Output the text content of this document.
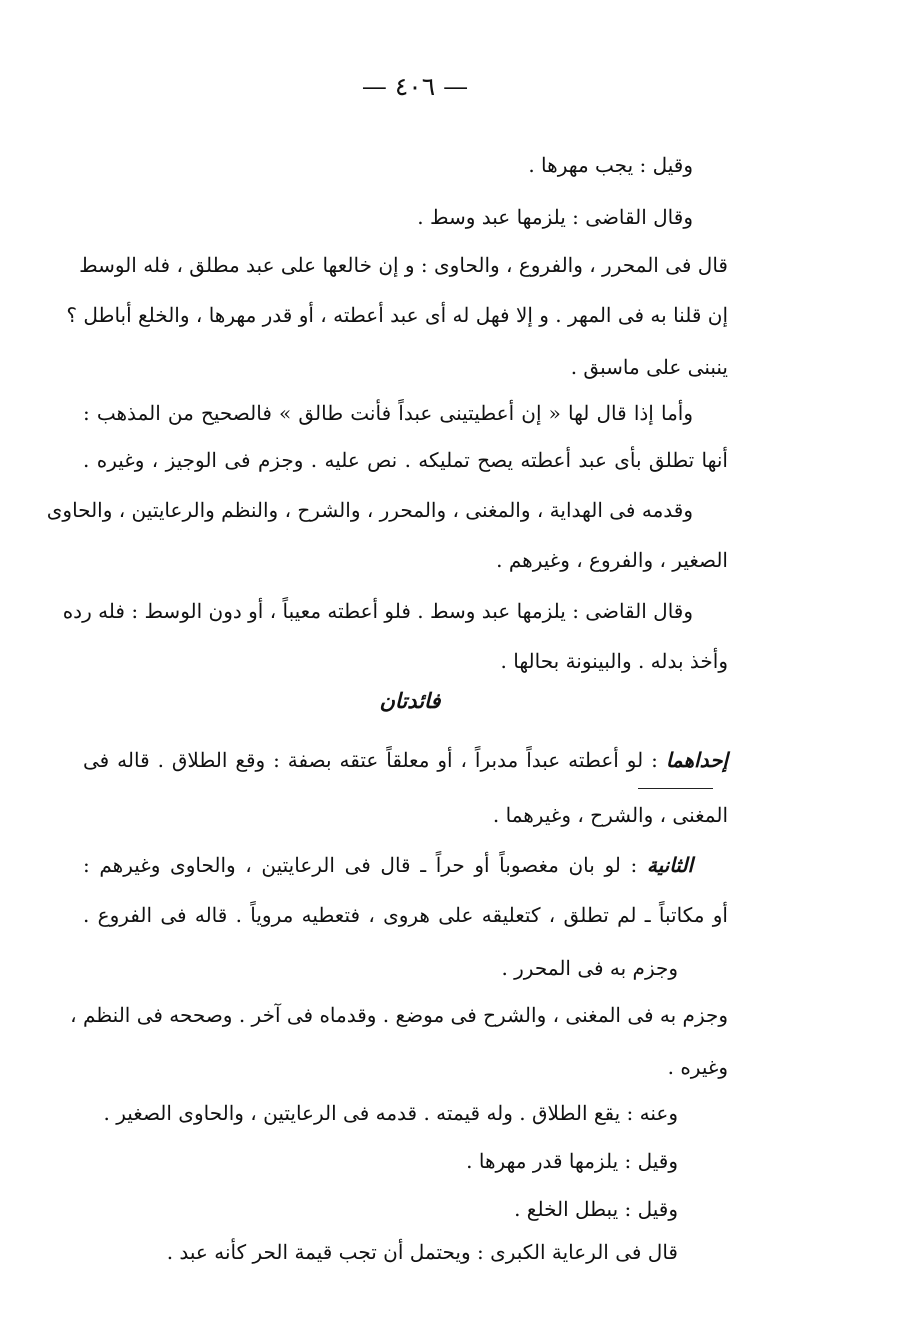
— ٤٠٦ —
وقيل : يجب مهرها .
وقال القاضى : يلزمها عبد وسط .
قال فى المحرر ، والفروع ، والحاوى : و إن خالعها على عبد مطلق ، فله الوسط
إن قلنا به فى المهر . و إلا فهل له أى عبد أعطته ، أو قدر مهرها ، والخلع أباطل ؟
ينبنى على ماسبق .
وأما إذا قال لها « إن أعطيتينى عبداً فأنت طالق » فالصحيح من المذهب :
أنها تطلق بأى عبد أعطته يصح تمليكه . نص عليه . وجزم فى الوجيز ، وغيره .
وقدمه فى الهداية ، والمغنى ، والمحرر ، والشرح ، والنظم والرعايتين ، والحاوى
الصغير ، والفروع ، وغيرهم .
وقال القاضى : يلزمها عبد وسط . فلو أعطته معيباً ، أو دون الوسط : فله رده
وأخذ بدله . والبينونة بحالها .
إحداهما : لو أعطته عبداً مدبراً ، أو معلقاً عتقه بصفة : وقع الطلاق . قاله فى
المغنى ، والشرح ، وغيرهما .
الثانية : لو بان مغصوباً أو حراً ـ قال فى الرعايتين ، والحاوى وغيرهم :
أو مكاتباً ـ لم تطلق ، كتعليقه على هروى ، فتعطيه مروياً . قاله فى الفروع .
وجزم به فى المحرر .
وجزم به فى المغنى ، والشرح فى موضع . وقدماه فى آخر . وصححه فى النظم ،
وغيره .
وعنه : يقع الطلاق . وله قيمته . قدمه فى الرعايتين ، والحاوى الصغير .
وقيل : يلزمها قدر مهرها .
وقيل : يبطل الخلع .
قال فى الرعاية الكبرى : ويحتمل أن تجب قيمة الحر كأنه عبد .
فائدتان
